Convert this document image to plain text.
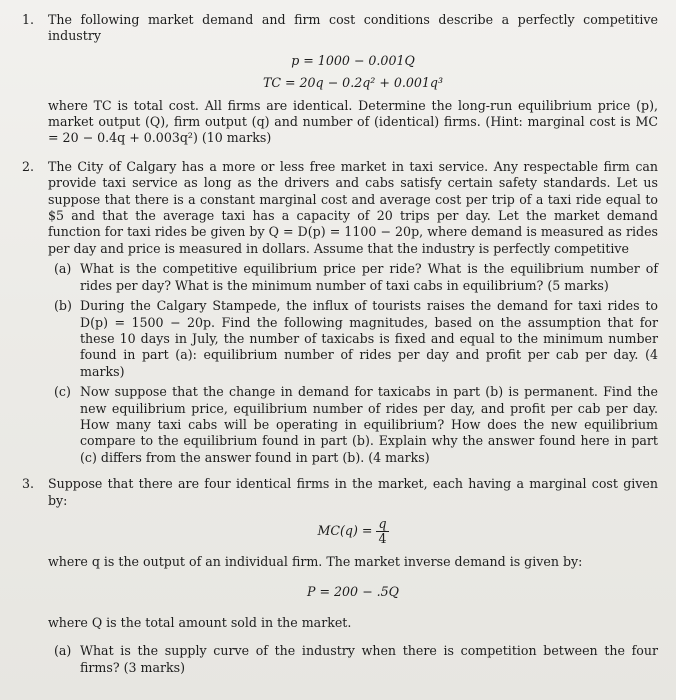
1. The following market demand and firm cost conditions describe a perfectly competitive industry
p = 1000 − 0.001Q
TC = 20q − 0.2q² + 0.001q³
where TC is total cost. All firms are identical. Determine the long-run equilibrium price (p), market output (Q), firm output (q) and number of (identical) firms. (Hint: marginal cost is MC = 20 − 0.4q + 0.003q²) (10 marks)
2. The City of Calgary has a more or less free market in taxi service. Any respectable firm can provide taxi service as long as the drivers and cabs satisfy certain safety standards. Let us suppose that there is a constant marginal cost and average cost per trip of a taxi ride equal to $5 and that the average taxi has a capacity of 20 trips per day. Let the market demand function for taxi rides be given by Q = D(p) = 1100 − 20p, where demand is measured as rides per day and price is measured in dollars. Assume that the industry is perfectly competitive
(a) What is the competitive equilibrium price per ride? What is the equilibrium number of rides per day? What is the minimum number of taxi cabs in equilibrium? (5 marks)
(b) During the Calgary Stampede, the influx of tourists raises the demand for taxi rides to D(p) = 1500 − 20p. Find the following magnitudes, based on the assumption that for these 10 days in July, the number of taxicabs is fixed and equal to the minimum number found in part (a): equilibrium number of rides per day and profit per cab per day. (4 marks)
(c) Now suppose that the change in demand for taxicabs in part (b) is permanent. Find the new equilibrium price, equilibrium number of rides per day, and profit per cab per day. How many taxi cabs will be operating in equilibrium? How does the new equilibrium compare to the equilibrium found in part (b). Explain why the answer found here in part (c) differs from the answer found in part (b). (4 marks)
3. Suppose that there are four identical firms in the market, each having a marginal cost given by:
$MC(q) = \frac{q}{4}$
where q is the output of an individual firm. The market inverse demand is given by:
P = 200 − .5Q
where Q is the total amount sold in the market.
(a) What is the supply curve of the industry when there is competition between the four firms? (3 marks)
